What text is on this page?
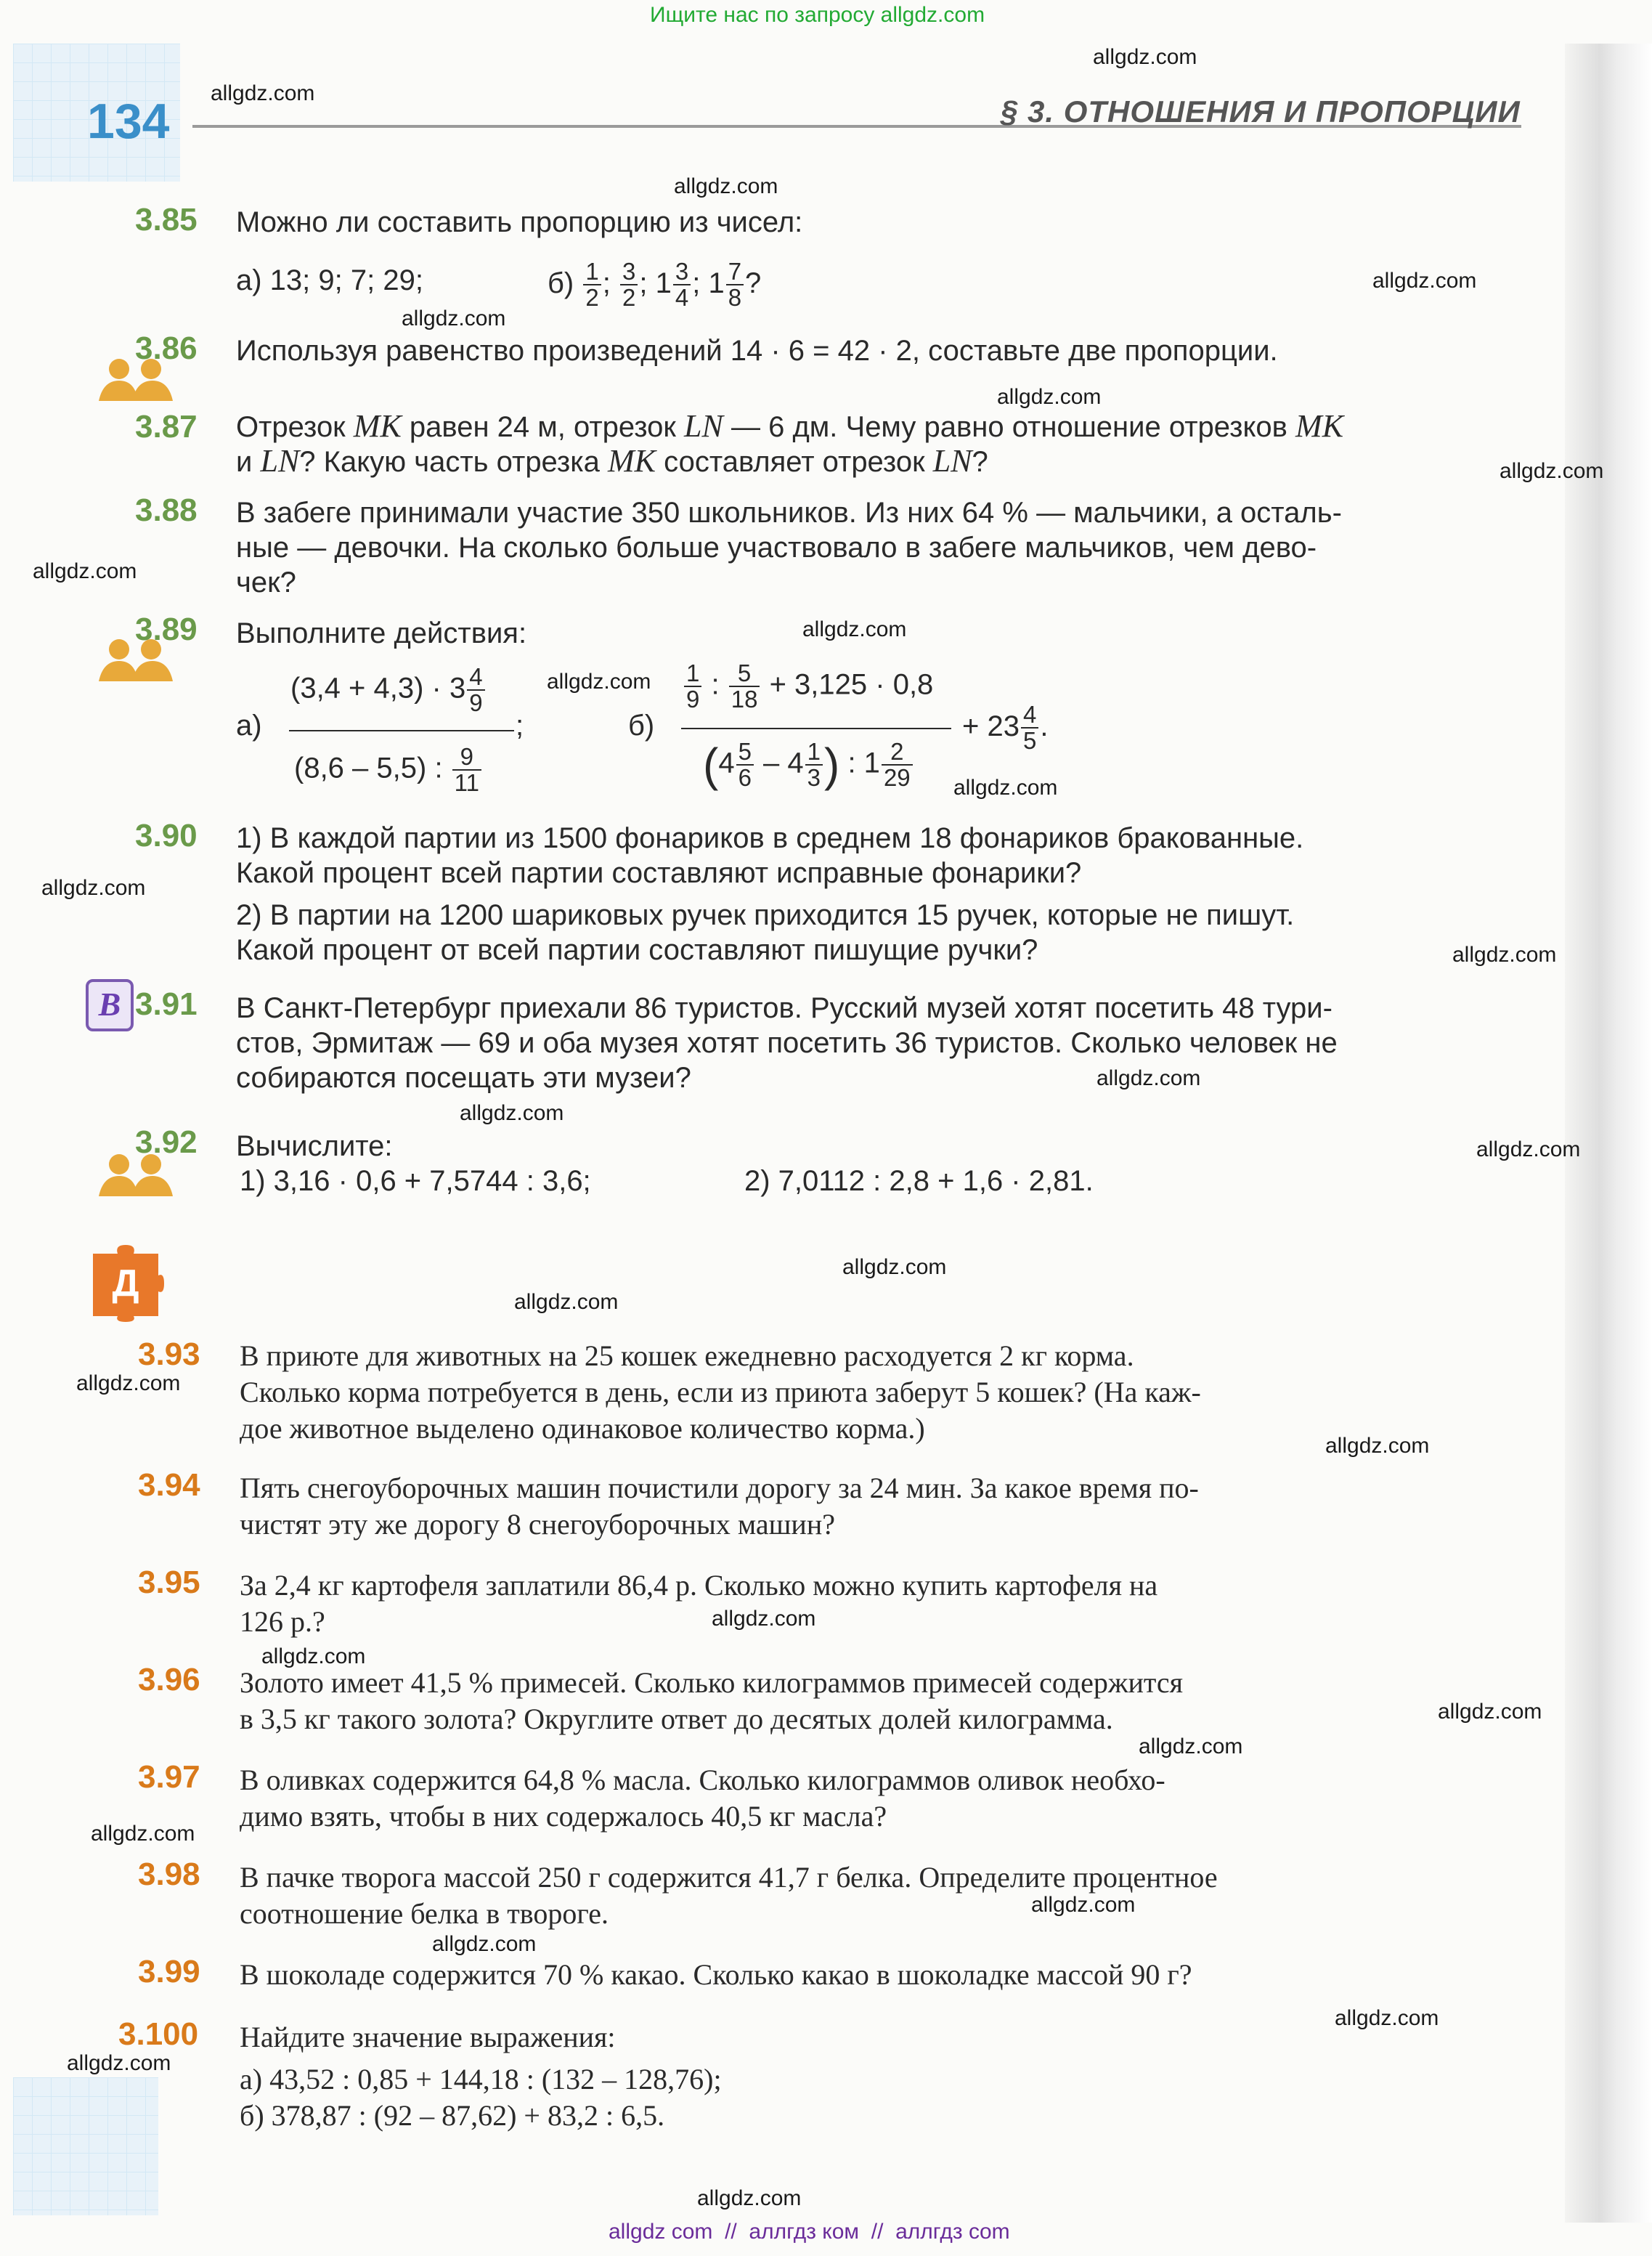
Ищите нас по запросу allgdz.com
134	§ 3. ОТНОШЕНИЯ И ПРОПОРЦИИ
3.85 Можно ли составить пропорцию из чисел:
а) 13; 9; 7; 29;	$б) \frac{1}{2}$ ; $\frac{3}{2}$ ; $1 \frac{3}{4}$ ; $1 \frac{7}{8}$ ?
3.86 Используя равенство произведений 14 · 6 = 42 · 2, составьте две пропорции.
3.87 Отрезок MK равен 24 м, отрезок LN — 6 дм. Чему равно отношение отрезков MK
и LN? Какую часть отрезка MK составляет отрезок LN?
3.88 В забеге принимали участие 350 школьников. Из них 64 % — мальчики, а осталь-
ные — девочки. На сколько больше участвовало в забеге мальчиков, чем дево-
чек?
3.89 Выполните действия:
а)
$(3,4 + 4,3) \cdot 3 \frac{4}{9}$
;
(8,6 – 5,5) : $\frac{9}{11}$
б)
$\frac{1}{9}$ : $\frac{5}{18} + 3,125 \cdot 0,8$
($4 \frac{5}{6} - 4 \frac{1}{3}$ ) : $1 \frac{2}{29}$
+ $23 \frac{4}{5}$ .
3.90 1) В каждой партии из 1500 фонариков в среднем 18 фонариков бракованные.
Какой процент всей партии составляют исправные фонарики?
2) В партии на 1200 шариковых ручек приходится 15 ручек, которые не пишут.
Какой процент от всей партии составляют пишущие ручки?
В 3.91 В Санкт-Петербург приехали 86 туристов. Русский музей хотят посетить 48 тури-
стов, Эрмитаж — 69 и оба музея хотят посетить 36 туристов. Сколько человек не
собираются посещать эти музеи?
3.92 Вычислите:
1) 3,16 · 0,6 + 7,5744 : 3,6;	2) 7,0112 : 2,8 + 1,6 · 2,81.
Д
3.93 В приюте для животных на 25 кошек ежедневно расходуется 2 кг корма.
Сколько корма потребуется в день, если из приюта заберут 5 кошек? (На каж-
дое животное выделено одинаковое количество корма.)
3.94 Пять снегоуборочных машин почистили дорогу за 24 мин. За какое время по-
чистят эту же дорогу 8 снегоуборочных машин?
3.95 За 2,4 кг картофеля заплатили 86,4 р. Сколько можно купить картофеля на
126 р.?
3.96 Золото имеет 41,5 % примесей. Сколько килограммов примесей содержится
в 3,5 кг такого золота? Округлите ответ до десятых долей килограмма.
3.97 В оливках содержится 64,8 % масла. Сколько килограммов оливок необхо-
димо взять, чтобы в них содержалось 40,5 кг масла?
3.98 В пачке творога массой 250 г содержится 41,7 г белка. Определите процентное
соотношение белка в твороге.
3.99 В шоколаде содержится 70 % какао. Сколько какао в шоколадке массой 90 г?
3.100 Найдите значение выражения:
а) 43,52 : 0,85 + 144,18 : (132 – 128,76);
б) 378,87 : (92 – 87,62) + 83,2 : 6,5.
allgdz.com
allgdz.com
allgdz.com
allgdz.com
allgdz.com
allgdz.com
allgdz.com
allgdz.com
allgdz.com
allgdz.com
allgdz.com
allgdz.com
allgdz.com
allgdz.com
allgdz.com
allgdz.com
allgdz.com
allgdz.com
allgdz.com
allgdz.com
allgdz.com
allgdz.com
allgdz.com
allgdz.com
allgdz.com
allgdz.com
allgdz.com
allgdz.com
allgdz.com
allgdz.com
allgdz com  //  аллгдз ком  //  аллгдз com
